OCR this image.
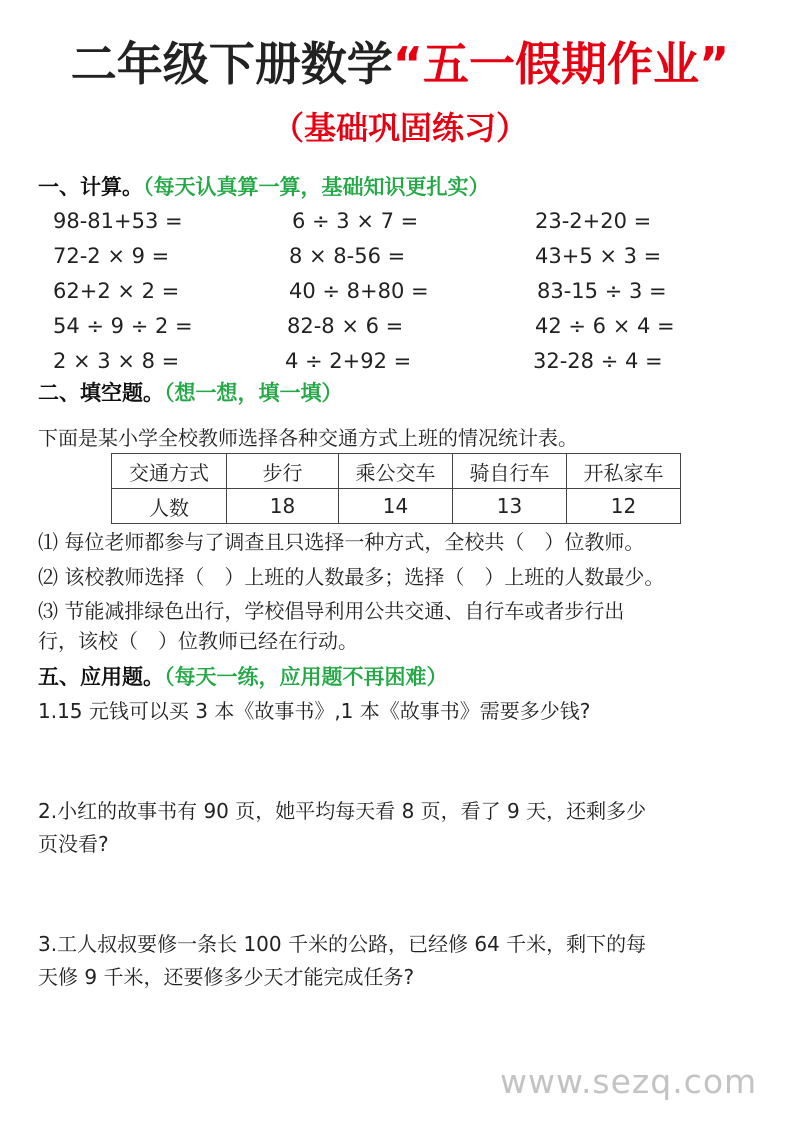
二年级下册数学“五一假期作业”
（基础巩固练习）
一、计算。（每天认真算一算，基础知识更扎实）
98-81+53 =	6 ÷ 3 × 7 =	23-2+20 =
72-2 × 9 =	8 × 8-56 =	43+5 × 3 =
62+2 × 2 =	40 ÷ 8+80 =	83-15 ÷ 3 =
54 ÷ 9 ÷ 2 =	82-8 × 6 =	42 ÷ 6 × 4 =
2 × 3 × 8 =	4 ÷ 2+92 =	32-28 ÷ 4 =
二、填空题。（想一想，填一填）
下面是某小学全校教师选择各种交通方式上班的情况统计表。
交通方式	步行	乘公交车	骑自行车	开私家车
人数	18	14	13	12
⑴ 每位老师都参与了调查且只选择一种方式，全校共（　）位教师。
⑵ 该校教师选择（　）上班的人数最多；选择（　）上班的人数最少。
⑶ 节能减排绿色出行，学校倡导利用公共交通、自行车或者步行出
行，该校（　）位教师已经在行动。
五、应用题。（每天一练，应用题不再困难）
1.15 元钱可以买 3 本《故事书》,1 本《故事书》需要多少钱?
2.小红的故事书有 90 页，她平均每天看 8 页，看了 9 天，还剩多少
页没看?
3.工人叔叔要修一条长 100 千米的公路，已经修 64 千米，剩下的每
天修 9 千米，还要修多少天才能完成任务?
www.sezq.com
